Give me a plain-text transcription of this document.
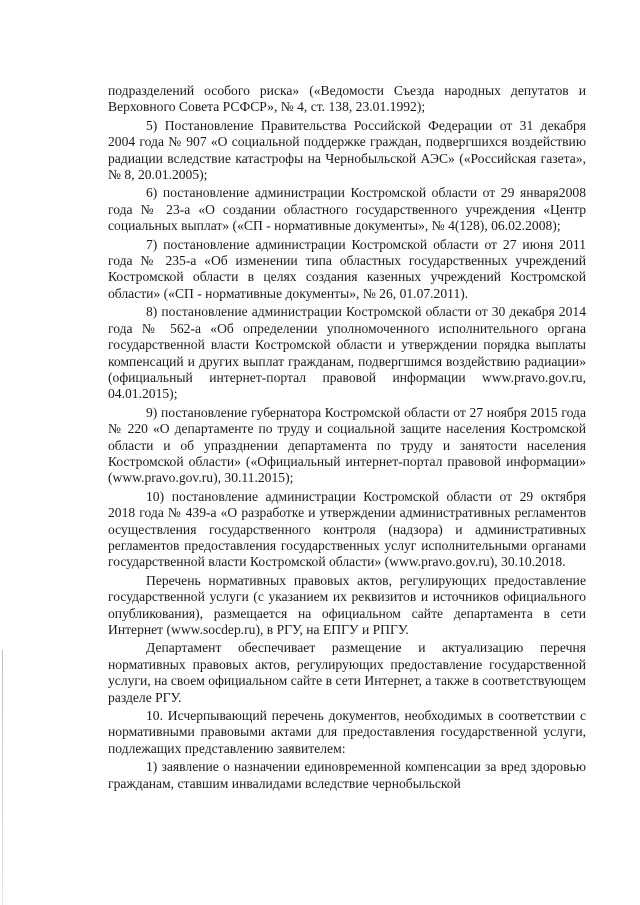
подразделений особого риска» («Ведомости Съезда народных депутатов и Верховного Совета РСФСР», № 4, ст. 138, 23.01.1992);

5) Постановление Правительства Российской Федерации от 31 декабря 2004 года № 907 «О социальной поддержке граждан, подвергшихся воздействию радиации вследствие катастрофы на Чернобыльской АЭС» («Российская газета», № 8, 20.01.2005);

6) постановление администрации Костромской области от 29 января2008 года № 23-а «О создании областного государственного учреждения «Центр социальных выплат» («СП - нормативные документы», № 4(128), 06.02.2008);

7) постановление администрации Костромской области от 27 июня 2011 года № 235-а «Об изменении типа областных государственных учреждений Костромской области в целях создания казенных учреждений Костромской области» («СП - нормативные документы», № 26, 01.07.2011).

8) постановление администрации Костромской области от 30 декабря 2014 года № 562-а «Об определении уполномоченного исполнительного органа государственной власти Костромской области и утверждении порядка выплаты компенсаций и других выплат гражданам, подвергшимся воздействию радиации» (официальный интернет-портал правовой информации www.pravo.gov.ru, 04.01.2015);

9) постановление губернатора Костромской области от 27 ноября 2015 года № 220 «О департаменте по труду и социальной защите населения Костромской области и об упразднении департамента по труду и занятости населения Костромской области» («Официальный интернет-портал правовой информации» (www.pravo.gov.ru), 30.11.2015);

10) постановление администрации Костромской области от 29 октября 2018 года № 439-а «О разработке и утверждении административных регламентов осуществления государственного контроля (надзора) и административных регламентов предоставления государственных услуг исполнительными органами государственной власти Костромской области» (www.pravo.gov.ru), 30.10.2018.

Перечень нормативных правовых актов, регулирующих предоставление государственной услуги (с указанием их реквизитов и источников официального опубликования), размещается на официальном сайте департамента в сети Интернет (www.socdep.ru), в РГУ, на ЕПГУ и РПГУ.

Департамент обеспечивает размещение и актуализацию перечня нормативных правовых актов, регулирующих предоставление государственной услуги, на своем официальном сайте в сети Интернет, а также в соответствующем разделе РГУ.

10. Исчерпывающий перечень документов, необходимых в соответствии с нормативными правовыми актами для предоставления государственной услуги, подлежащих представлению заявителем:

1) заявление о назначении единовременной компенсации за вред здоровью гражданам, ставшим инвалидами вследствие чернобыльской
